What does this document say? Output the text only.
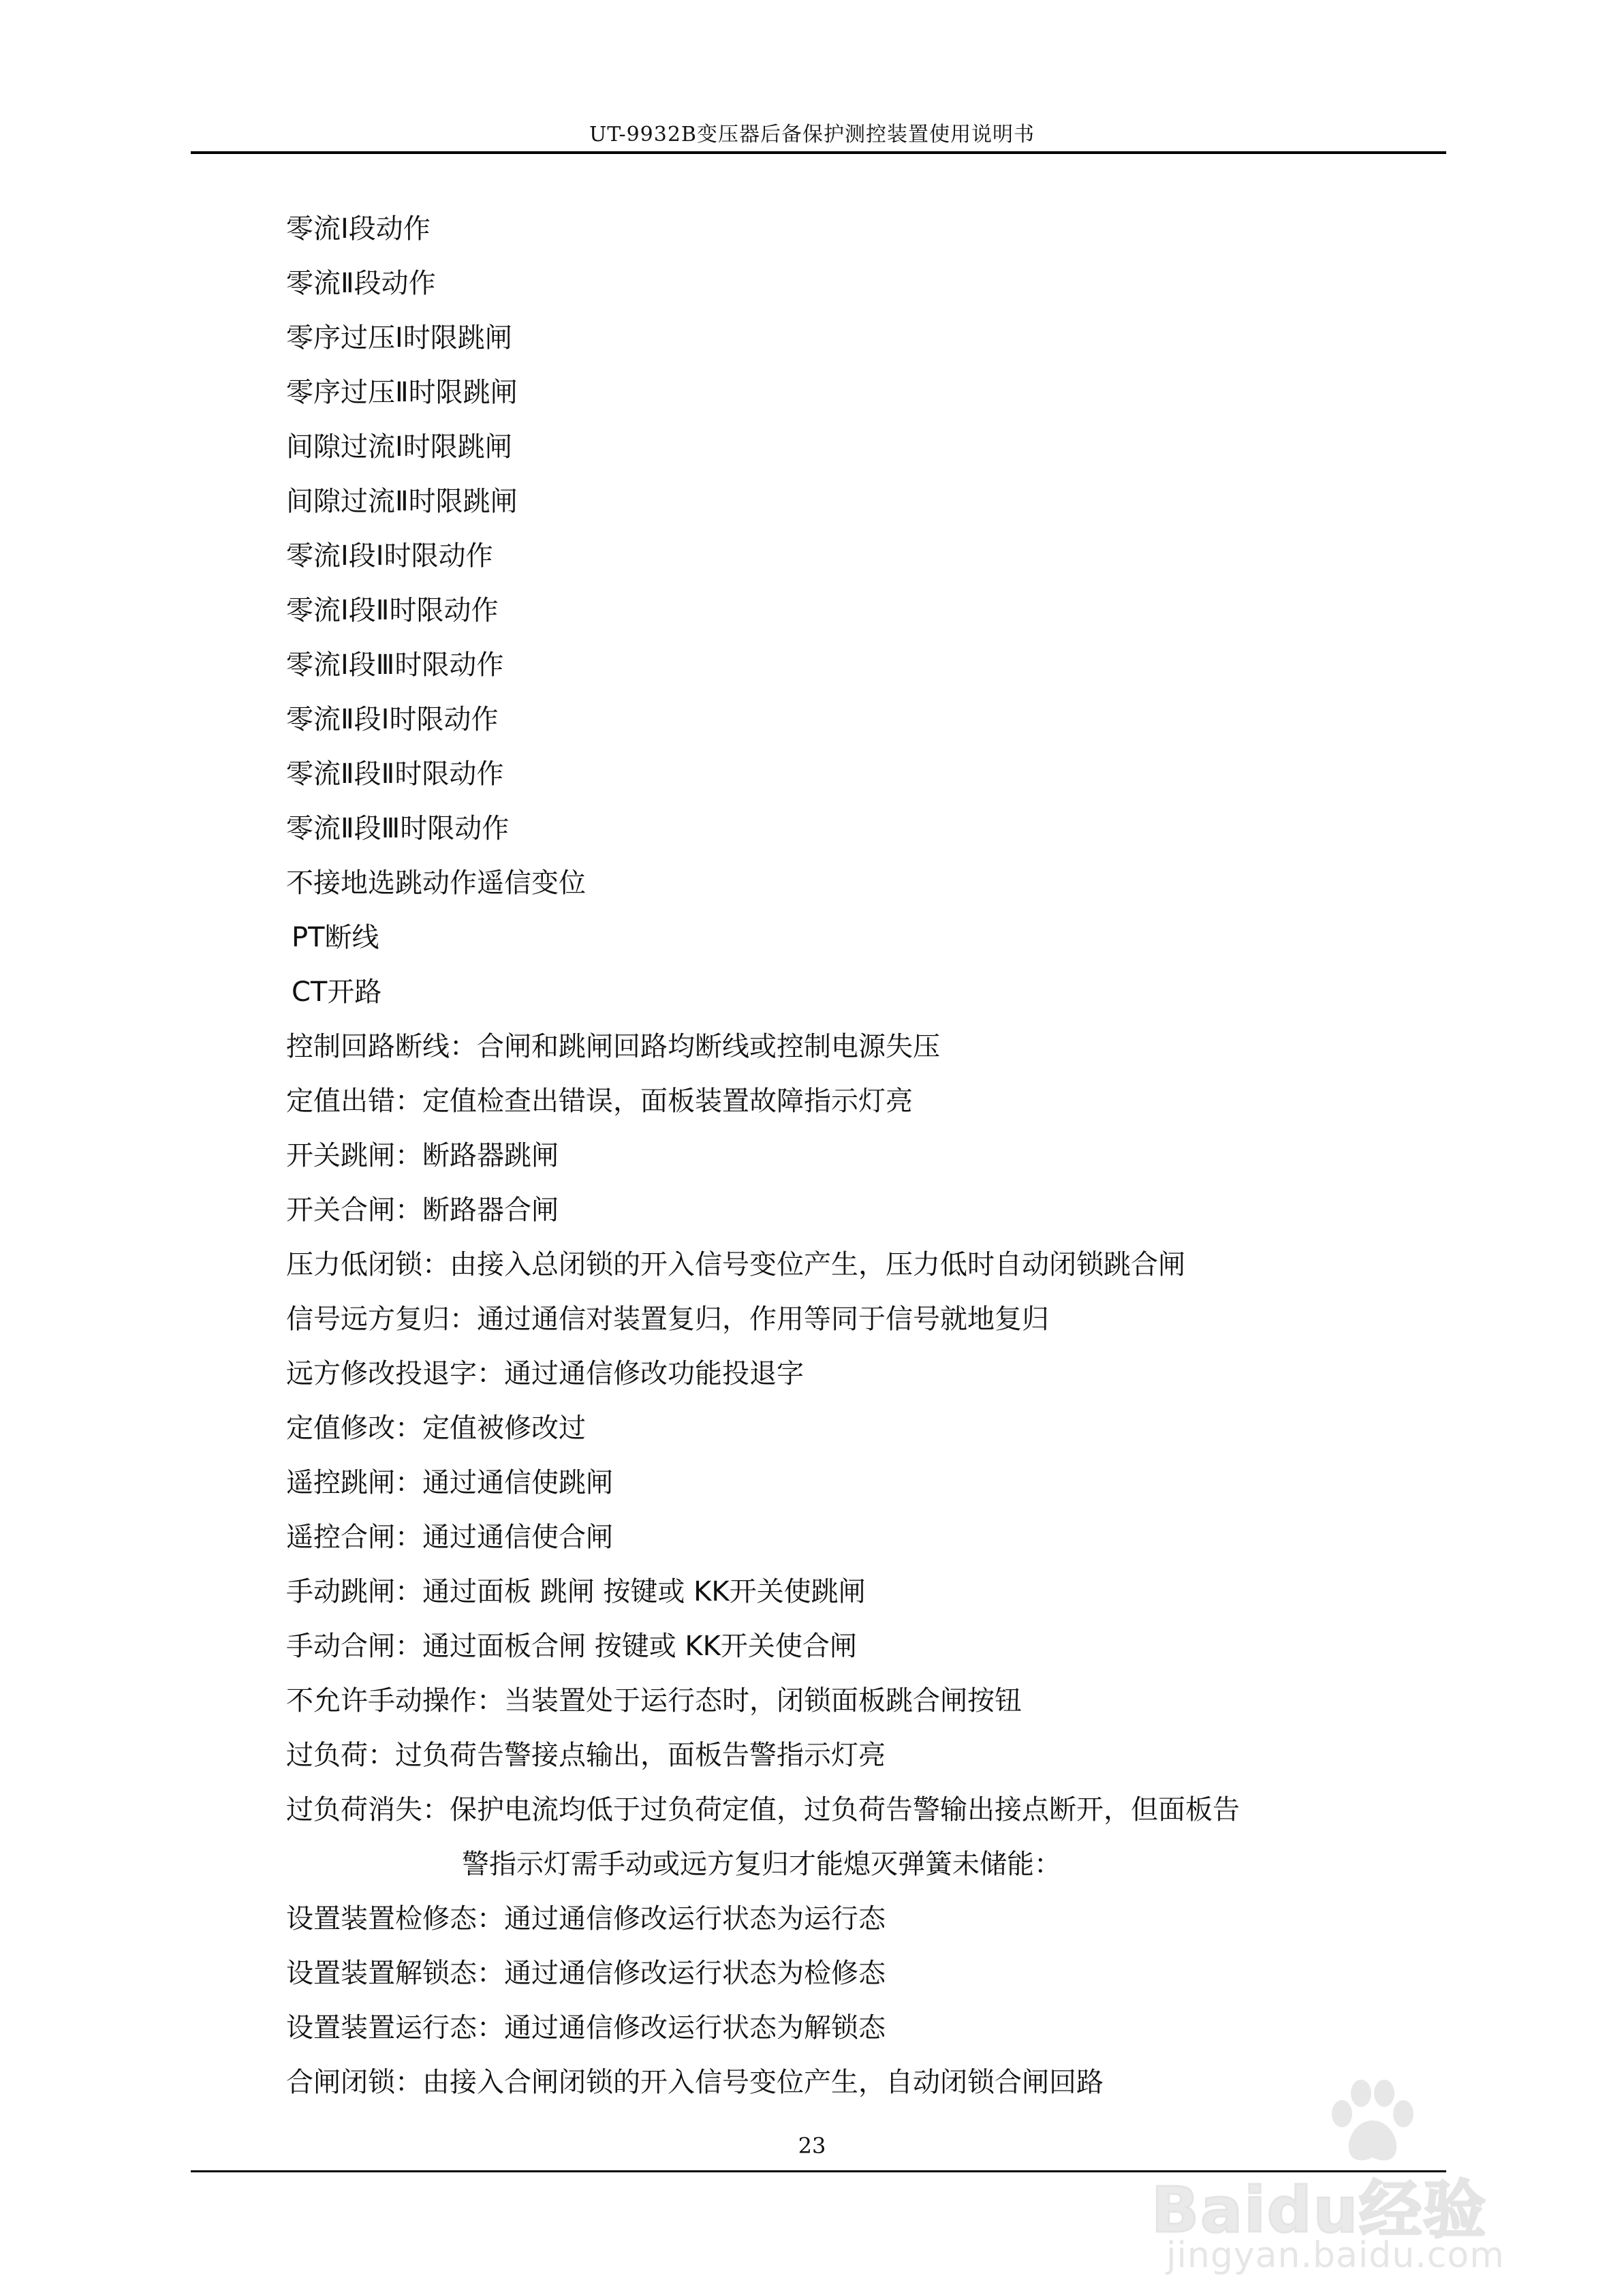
UT-9932B变压器后备保护测控装置使用说明书
零流Ⅰ段动作
零流Ⅱ段动作
零序过压Ⅰ时限跳闸
零序过压Ⅱ时限跳闸
间隙过流Ⅰ时限跳闸
间隙过流Ⅱ时限跳闸
零流Ⅰ段Ⅰ时限动作
零流Ⅰ段Ⅱ时限动作
零流Ⅰ段Ⅲ时限动作
零流Ⅱ段Ⅰ时限动作
零流Ⅱ段Ⅱ时限动作
零流Ⅱ段Ⅲ时限动作
不接地选跳动作遥信变位
PT断线
CT开路
控制回路断线：合闸和跳闸回路均断线或控制电源失压
定值出错：定值检查出错误，面板装置故障指示灯亮
开关跳闸：断路器跳闸
开关合闸：断路器合闸
压力低闭锁：由接入总闭锁的开入信号变位产生，压力低时自动闭锁跳合闸
信号远方复归：通过通信对装置复归，作用等同于信号就地复归
远方修改投退字：通过通信修改功能投退字
定值修改：定值被修改过
遥控跳闸：通过通信使跳闸
遥控合闸：通过通信使合闸
手动跳闸：通过面板 跳闸 按键或 KK开关使跳闸
手动合闸：通过面板合闸 按键或 KK开关使合闸
不允许手动操作：当装置处于运行态时，闭锁面板跳合闸按钮
过负荷：过负荷告警接点输出，面板告警指示灯亮
过负荷消失：保护电流均低于过负荷定值，过负荷告警输出接点断开，但面板告
警指示灯需手动或远方复归才能熄灭弹簧未储能：
设置装置检修态：通过通信修改运行状态为运行态
设置装置解锁态：通过通信修改运行状态为检修态
设置装置运行态：通过通信修改运行状态为解锁态
合闸闭锁：由接入合闸闭锁的开入信号变位产生，自动闭锁合闸回路
23
Baidu经验
jingyan.baidu.com
